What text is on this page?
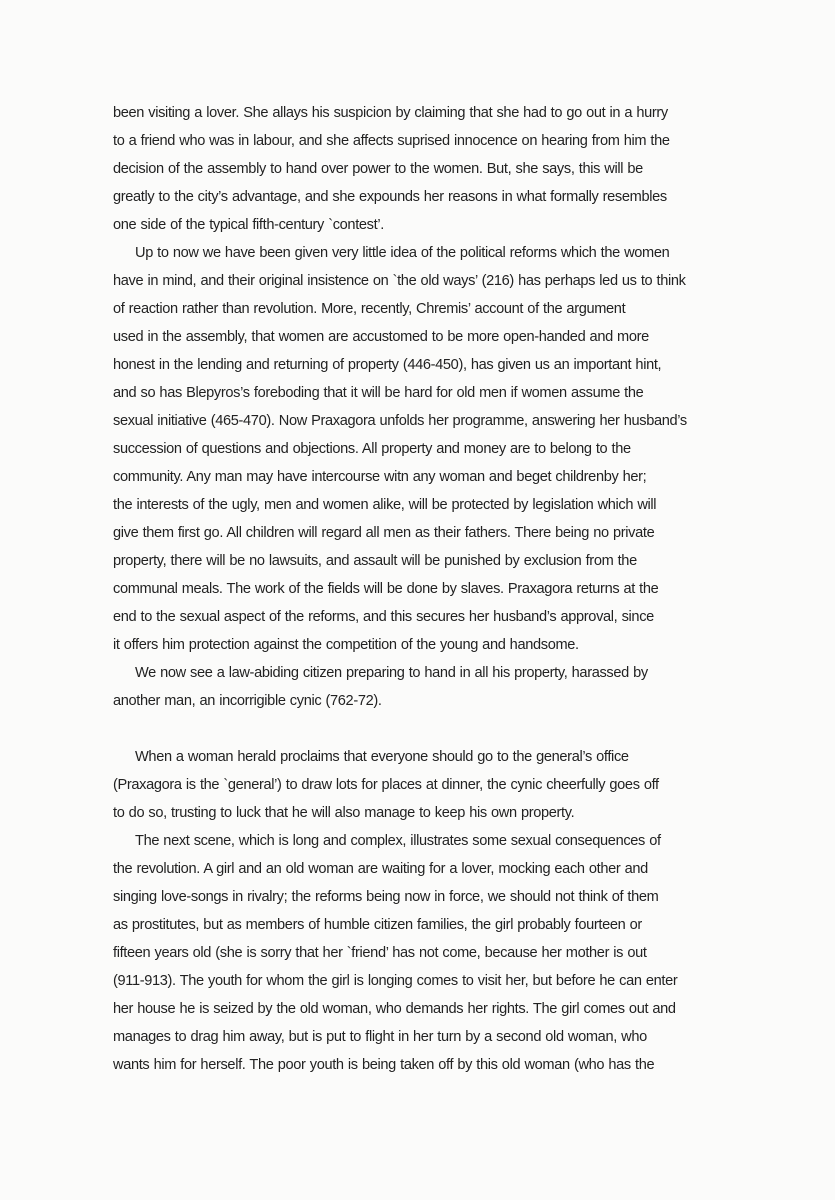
been visiting a lover. She allays his suspicion by claiming that she had to go out in a hurry
to a friend who was in labour, and she affects suprised innocence on hearing from him the
decision of the assembly to hand over power to the women. But, she says, this will be
greatly to the city’s advantage, and she expounds her reasons in what formally resembles
one side of the typical fifth-century `contest’.
Up to now we have been given very little idea of the political reforms which the women
have in mind, and their original insistence on `the old ways’ (216) has perhaps led us to think
of reaction rather than revolution. More, recently, Chremis’ account of the argument
used in the assembly, that women are accustomed to be more open-handed and more
honest in the lending and returning of property (446-450), has given us an important hint,
and so has Blepyros’s foreboding that it will be hard for old men if women assume the
sexual initiative (465-470). Now Praxagora unfolds her programme, answering her husband’s
succession of questions and objections. All property and money are to belong to the
community. Any man may have intercourse witn any woman and beget childrenby her;
the interests of the ugly, men and women alike, will be protected by legislation which will
give them first go. All children will regard all men as their fathers. There being no private
property, there will be no lawsuits, and assault will be punished by exclusion from the
communal meals. The work of the fields will be done by slaves. Praxagora returns at the
end to the sexual aspect of the reforms, and this secures her husband’s approval, since
it offers him protection against the competition of the young and handsome.
We now see a law-abiding citizen preparing to hand in all his property, harassed by
another man, an incorrigible cynic (762-72).
When a woman herald proclaims that everyone should go to the general’s office
(Praxagora is the `general’) to draw lots for places at dinner, the cynic cheerfully goes off
to do so, trusting to luck that he will also manage to keep his own property.
The next scene, which is long and complex, illustrates some sexual consequences of
the revolution. A girl and an old woman are waiting for a lover, mocking each other and
singing love-songs in rivalry; the reforms being now in force, we should not think of them
as prostitutes, but as members of humble citizen families, the girl probably fourteen or
fifteen years old (she is sorry that her `friend’ has not come, because her mother is out
(911-913). The youth for whom the girl is longing comes to visit her, but before he can enter
her house he is seized by the old woman, who demands her rights. The girl comes out and
manages to drag him away, but is put to flight in her turn by a second old woman, who
wants him for herself. The poor youth is being taken off by this old woman (who has the
